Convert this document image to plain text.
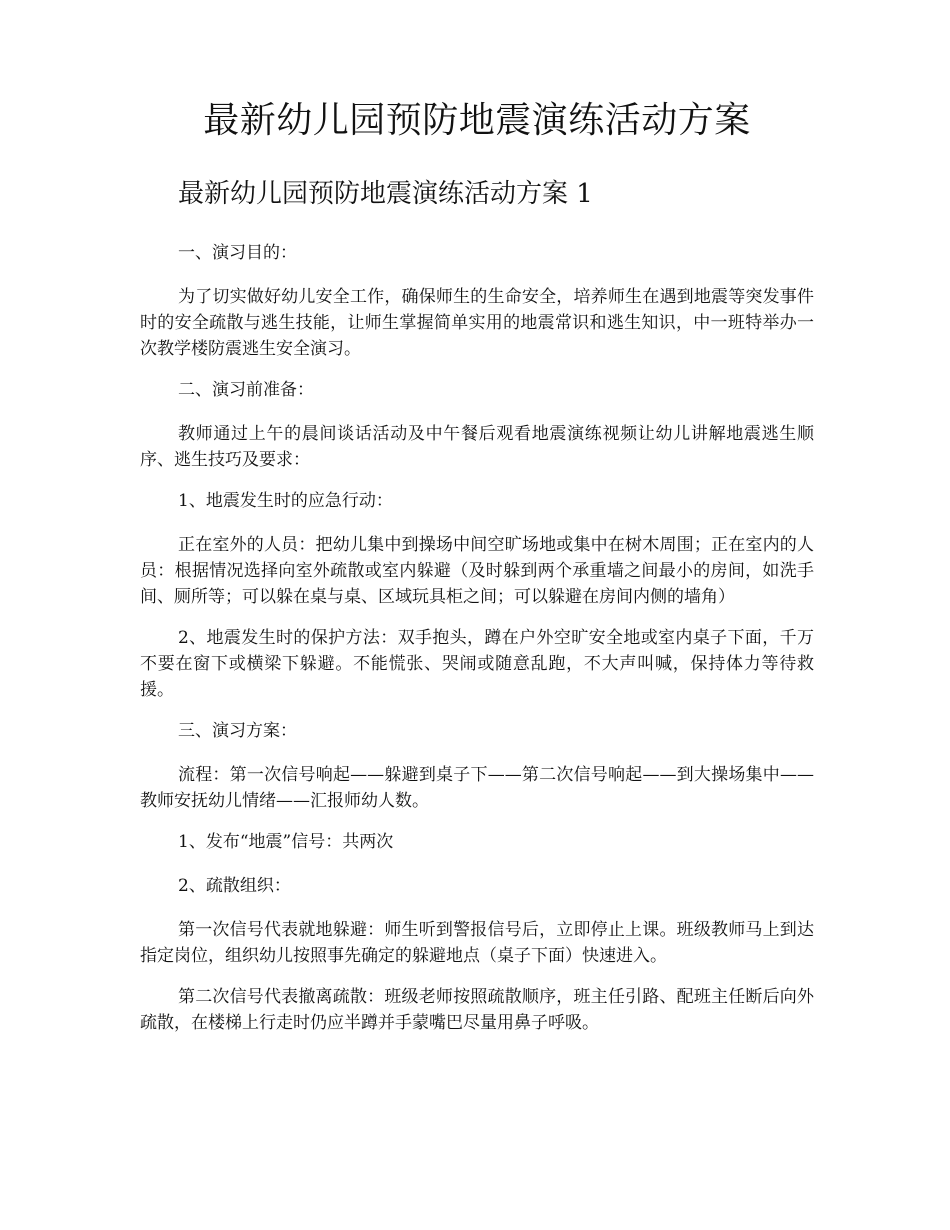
最新幼儿园预防地震演练活动方案
最新幼儿园预防地震演练活动方案 1

一、演习目的：

为了切实做好幼儿安全工作，确保师生的生命安全，培养师生在遇到地震等突发事件时的安全疏散与逃生技能，让师生掌握简单实用的地震常识和逃生知识，中一班特举办一次教学楼防震逃生安全演习。

二、演习前准备：

教师通过上午的晨间谈话活动及中午餐后观看地震演练视频让幼儿讲解地震逃生顺序、逃生技巧及要求：

1、地震发生时的应急行动：

正在室外的人员：把幼儿集中到操场中间空旷场地或集中在树木周围；正在室内的人员：根据情况选择向室外疏散或室内躲避（及时躲到两个承重墙之间最小的房间，如洗手间、厕所等；可以躲在桌与桌、区域玩具柜之间；可以躲避在房间内侧的墙角）

2、地震发生时的保护方法：双手抱头，蹲在户外空旷安全地或室内桌子下面，千万不要在窗下或横梁下躲避。不能慌张、哭闹或随意乱跑，不大声叫喊，保持体力等待救援。

三、演习方案：

流程：第一次信号响起——躲避到桌子下——第二次信号响起——到大操场集中——教师安抚幼儿情绪——汇报师幼人数。

1、发布“地震”信号：共两次

2、疏散组织：

第一次信号代表就地躲避：师生听到警报信号后，立即停止上课。班级教师马上到达指定岗位，组织幼儿按照事先确定的躲避地点（桌子下面）快速进入。

第二次信号代表撤离疏散：班级老师按照疏散顺序，班主任引路、配班主任断后向外疏散，在楼梯上行走时仍应半蹲并手蒙嘴巴尽量用鼻子呼吸。
